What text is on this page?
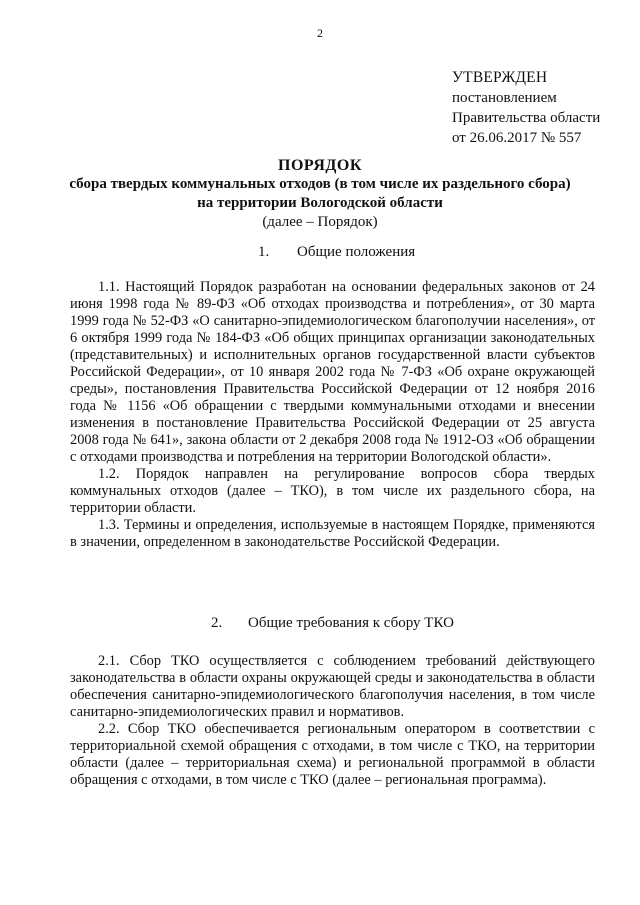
2
УТВЕРЖДЕН
постановлением
Правительства области
от 26.06.2017 № 557
ПОРЯДОК
сбора твердых коммунальных отходов (в том числе их раздельного сбора)
на территории Вологодской области
(далее – Порядок)
1. Общие положения

1.1. Настоящий Порядок разработан на основании федеральных законов от 24 июня 1998 года № 89-ФЗ «Об отходах производства и потребления», от 30 марта 1999 года № 52-ФЗ «О санитарно-эпидемиологическом благополучии населения», от 6 октября 1999 года № 184-ФЗ «Об общих принципах организации законодательных (представительных) и исполнительных органов государственной власти субъектов Российской Федерации», от 10 января 2002 года № 7-ФЗ «Об охране окружающей среды», постановления Правительства Российской Федерации от 12 ноября 2016 года № 1156 «Об обращении с твердыми коммунальными отходами и внесении изменения в постановление Правительства Российской Федерации от 25 августа 2008 года № 641», закона области от 2 декабря 2008 года № 1912-ОЗ «Об обращении с отходами производства и потребления на территории Вологодской области».

1.2. Порядок направлен на регулирование вопросов сбора твердых коммунальных отходов (далее – ТКО), в том числе их раздельного сбора, на территории области.

1.3. Термины и определения, используемые в настоящем Порядке, применяются в значении, определенном в законодательстве Российской Федерации.

2. Общие требования к сбору ТКО

2.1. Сбор ТКО осуществляется с соблюдением требований действующего законодательства в области охраны окружающей среды и законодательства в области обеспечения санитарно-эпидемиологического благополучия населения, в том числе санитарно-эпидемиологических правил и нормативов.

2.2. Сбор ТКО обеспечивается региональным оператором в соответствии с территориальной схемой обращения с отходами, в том числе с ТКО, на территории области (далее – территориальная схема) и региональной программой в области обращения с отходами, в том числе с ТКО (далее – региональная программа).
